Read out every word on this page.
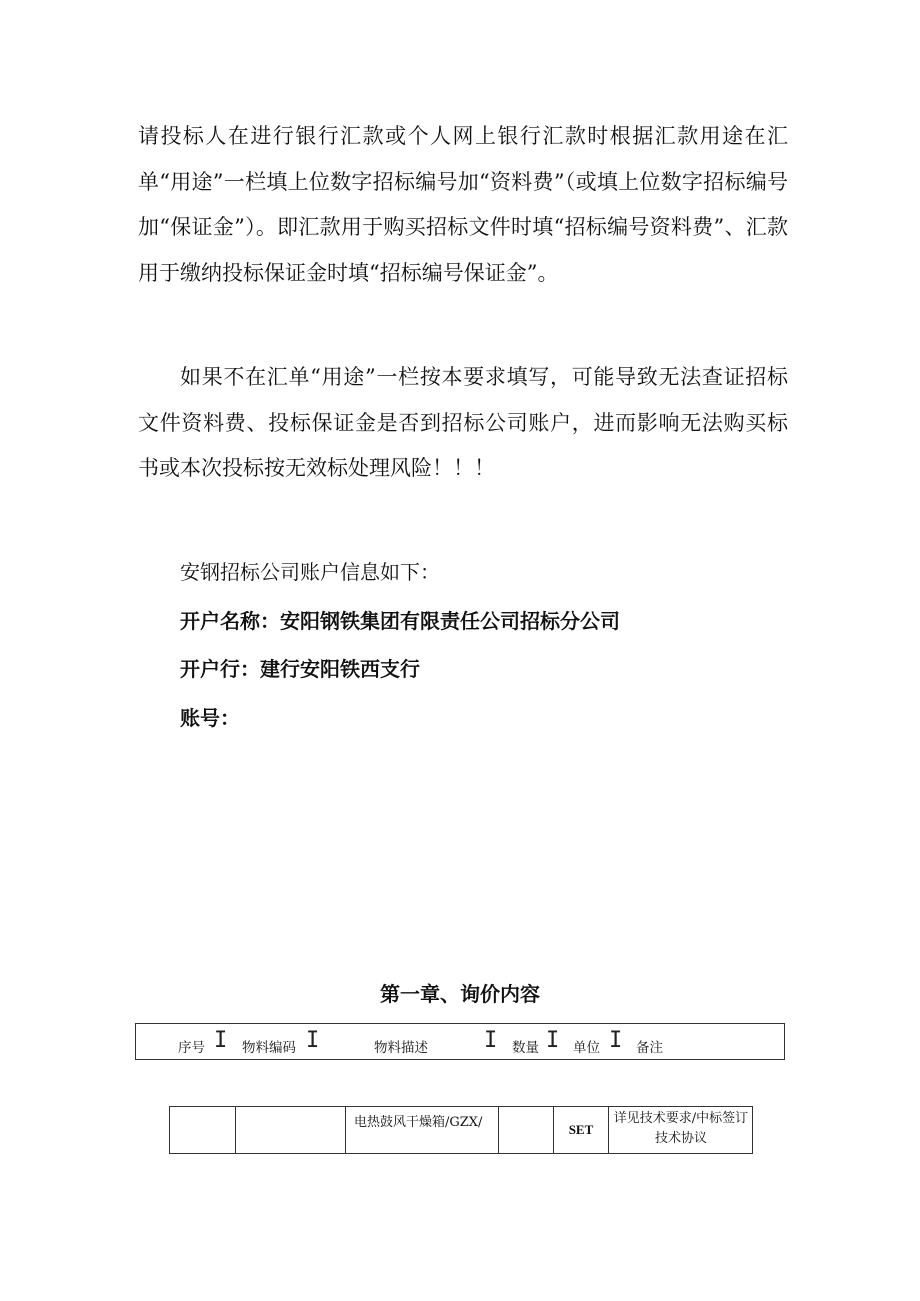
请投标人在进行银行汇款或个人网上银行汇款时根据汇款用途在汇单“用途”一栏填上位数字招标编号加“资料费”（或填上位数字招标编号加“保证金”）。即汇款用于购买招标文件时填“招标编号资料费”、汇款用于缴纳投标保证金时填“招标编号保证金”。

如果不在汇单“用途”一栏按本要求填写，可能导致无法查证招标文件资料费、投标保证金是否到招标公司账户，进而影响无法购买标书或本次投标按无效标处理风险！！！

安钢招标公司账户信息如下：

开户名称：安阳钢铁集团有限责任公司招标分公司

开户行：建行安阳铁西支行

账号：

第一章、询价内容
序号 I 物料编码 I	物料描述	I 数量 I 单位 I 备注
		电热鼓风干燥箱/GZX/		SET	详见技术要求/中标签订技术协议
